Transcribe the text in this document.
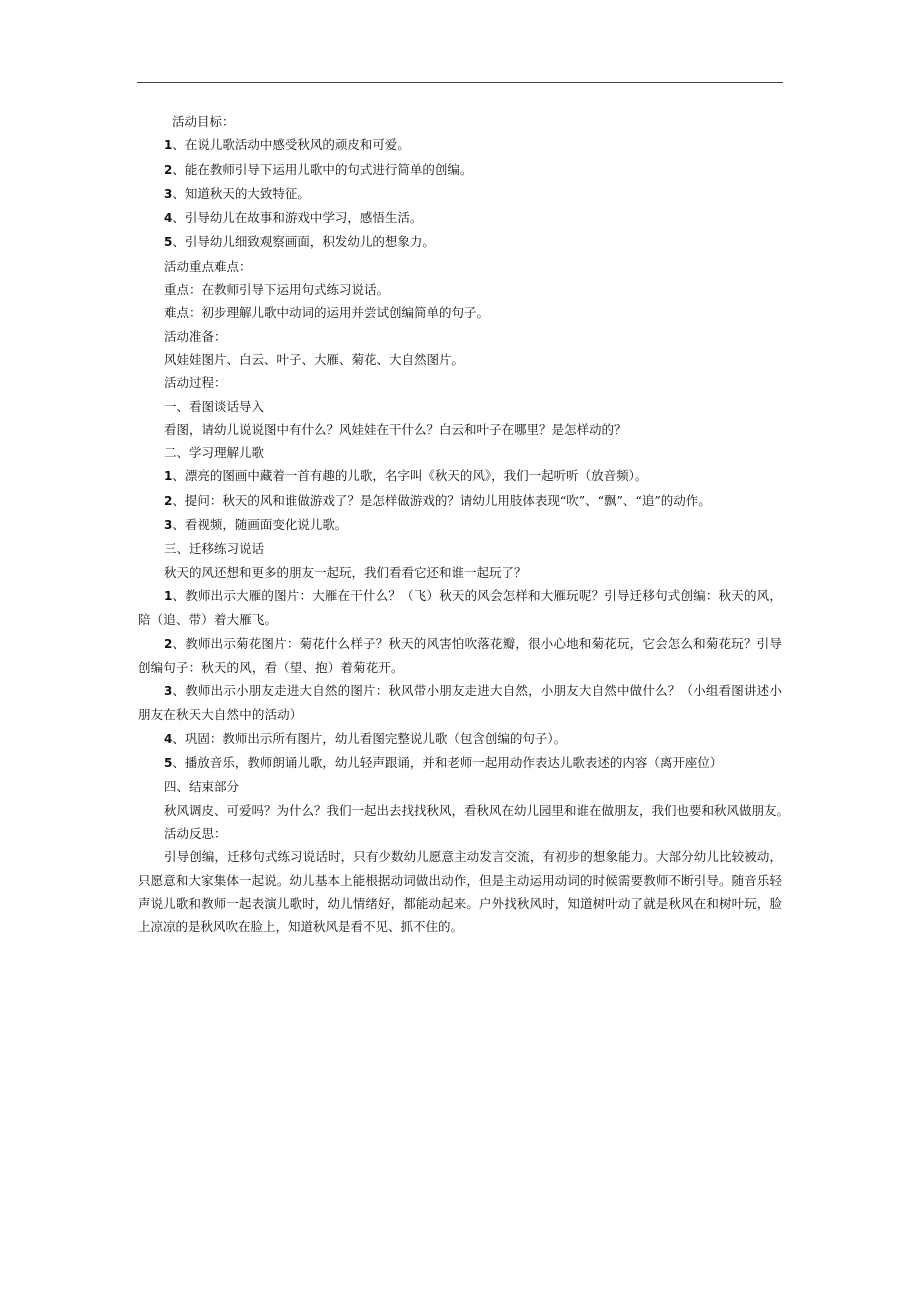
活动目标：
1、在说儿歌活动中感受秋风的顽皮和可爱。
2、能在教师引导下运用儿歌中的句式进行简单的创编。
3、知道秋天的大致特征。
4、引导幼儿在故事和游戏中学习，感悟生活。
5、引导幼儿细致观察画面，积发幼儿的想象力。
活动重点难点：
重点：在教师引导下运用句式练习说话。
难点：初步理解儿歌中动词的运用并尝试创编简单的句子。
活动准备：
风娃娃图片、白云、叶子、大雁、菊花、大自然图片。
活动过程：
一、看图谈话导入
看图，请幼儿说说图中有什么？风娃娃在干什么？白云和叶子在哪里？是怎样动的？
二、学习理解儿歌
1、漂亮的图画中藏着一首有趣的儿歌，名字叫《秋天的风》，我们一起听听（放音频）。
2、提问：秋天的风和谁做游戏了？是怎样做游戏的？请幼儿用肢体表现“吹”、“飘”、“追”的动作。
3、看视频，随画面变化说儿歌。
三、迁移练习说话
秋天的风还想和更多的朋友一起玩，我们看看它还和谁一起玩了？
1、教师出示大雁的图片：大雁在干什么？（飞）秋天的风会怎样和大雁玩呢？引导迁移句式创编：秋天的风，陪（追、带）着大雁飞。
2、教师出示菊花图片：菊花什么样子？秋天的风害怕吹落花瓣，很小心地和菊花玩，它会怎么和菊花玩？引导创编句子：秋天的风，看（望、抱）着菊花开。
3、教师出示小朋友走进大自然的图片：秋风带小朋友走进大自然，小朋友大自然中做什么？（小组看图讲述小朋友在秋天大自然中的活动）
4、巩固：教师出示所有图片，幼儿看图完整说儿歌（包含创编的句子）。
5、播放音乐，教师朗诵儿歌，幼儿轻声跟诵，并和老师一起用动作表达儿歌表述的内容（离开座位）
四、结束部分
秋风调皮、可爱吗？为什么？我们一起出去找找秋风，看秋风在幼儿园里和谁在做朋友，我们也要和秋风做朋友。
活动反思：
引导创编，迁移句式练习说话时，只有少数幼儿愿意主动发言交流，有初步的想象能力。大部分幼儿比较被动，只愿意和大家集体一起说。幼儿基本上能根据动词做出动作，但是主动运用动词的时候需要教师不断引导。随音乐轻声说儿歌和教师一起表演儿歌时，幼儿情绪好，都能动起来。户外找秋风时，知道树叶动了就是秋风在和树叶玩，脸上凉凉的是秋风吹在脸上，知道秋风是看不见、抓不住的。
